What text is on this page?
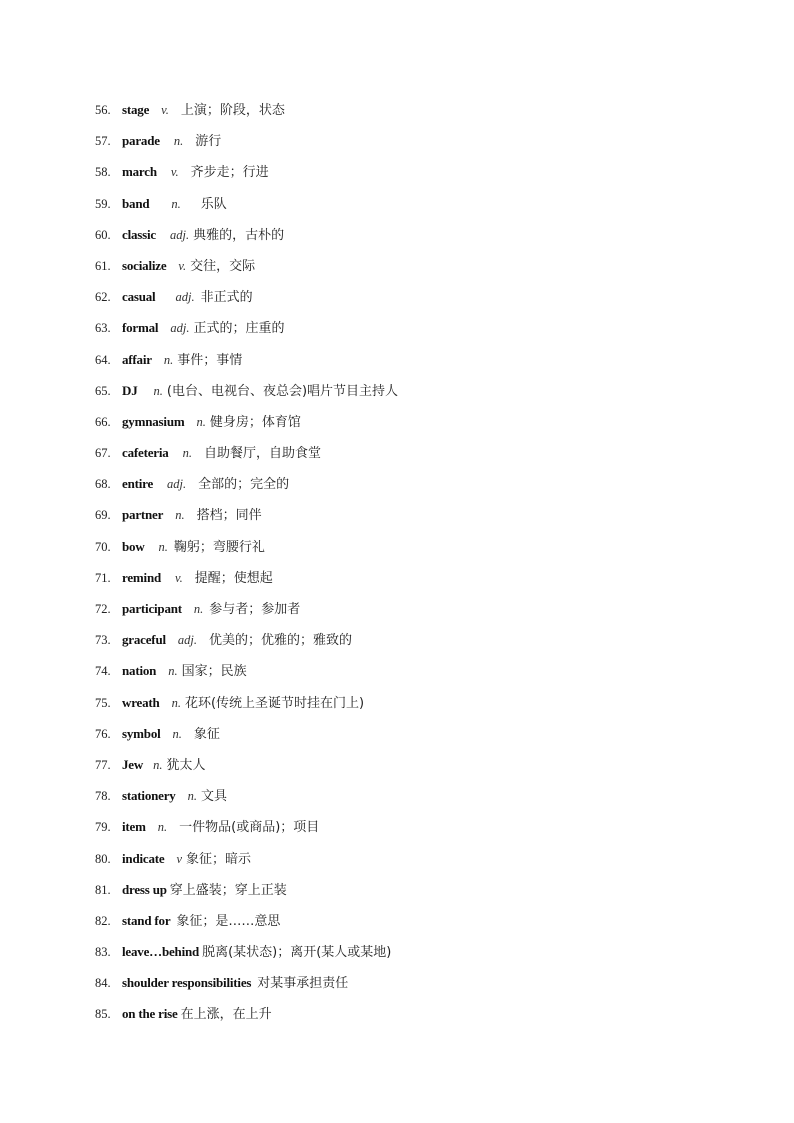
56. stage v. 上演；阶段，状态
57. parade n. 游行
58. march v. 齐步走；行进
59. band n. 乐队
60. classic adj. 典雅的，古朴的
61. socialize v. 交往，交际
62. casual adj. 非正式的
63. formal adj. 正式的；庄重的
64. affair n. 事件；事情
65. DJ n. (电台、电视台、夜总会)唱片节目主持人
66. gymnasium n. 健身房；体育馆
67. cafeteria n. 自助餐厅，自助食堂
68. entire adj. 全部的；完全的
69. partner n. 搭档；同伴
70. bow n. 鞠躬；弯腰行礼
71. remind v. 提醒；使想起
72. participant n. 参与者；参加者
73. graceful adj. 优美的；优雅的；雅致的
74. nation n. 国家；民族
75. wreath n. 花环(传统上圣诞节时挂在门上)
76. symbol n. 象征
77. Jew n. 犹太人
78. stationery n. 文具
79. item n. 一件物品(或商品)；项目
80. indicate v 象征；暗示
81. dress up 穿上盛装；穿上正装
82. stand for 象征；是……意思
83. leave…behind 脱离(某状态)；离开(某人或某地)
84. shoulder responsibilities 对某事承担责任
85. on the rise 在上涨，在上升
